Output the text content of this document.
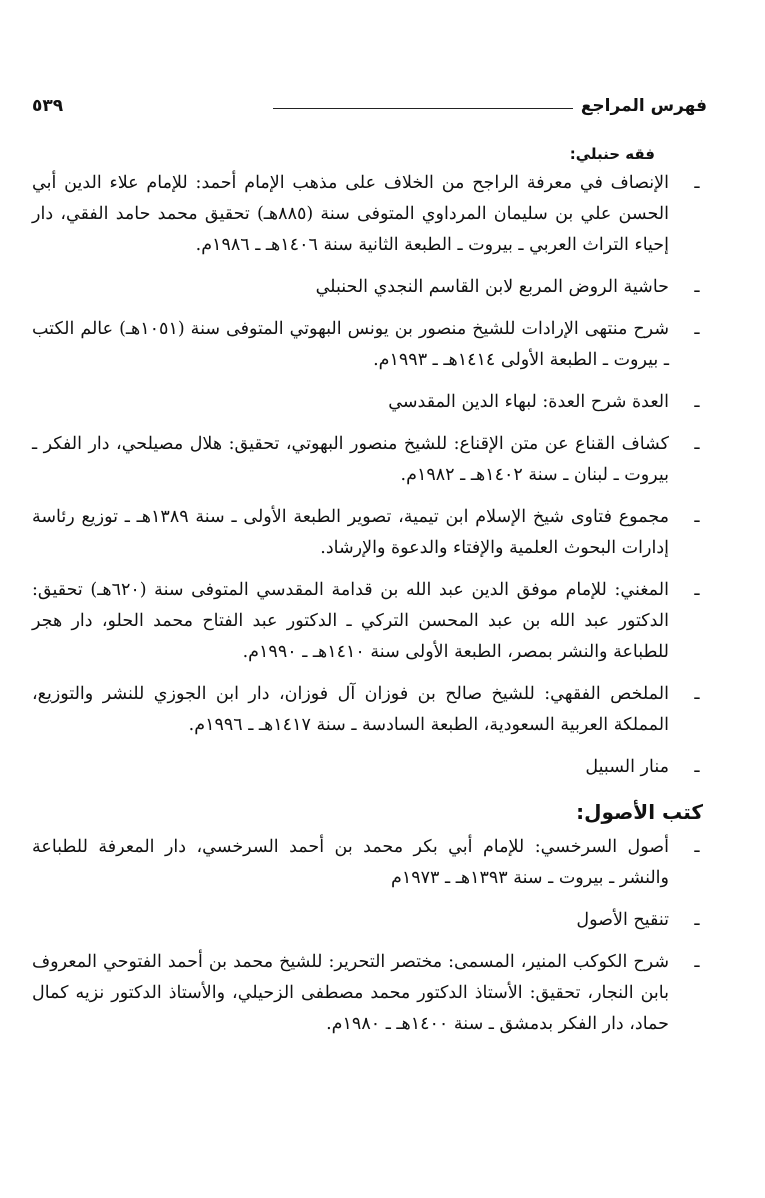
فهرس المراجع
٥٣٩
فقه حنبلي:
ـ
الإنصاف في معرفة الراجح من الخلاف على مذهب الإمام أحمد: للإمام علاء الدين أبي الحسن علي بن سليمان المرداوي المتوفى سنة (٨٨٥هـ) تحقيق محمد حامد الفقي، دار إحياء التراث العربي ـ بيروت ـ الطبعة الثانية سنة ١٤٠٦هـ ـ ١٩٨٦م.
ـ
حاشية الروض المربع لابن القاسم النجدي الحنبلي
ـ
شرح منتهى الإرادات للشيخ منصور بن يونس البهوتي المتوفى سنة (١٠٥١هـ) عالم الكتب ـ بيروت ـ الطبعة الأولى ١٤١٤هـ ـ ١٩٩٣م.
ـ
العدة شرح العدة: لبهاء الدين المقدسي
ـ
كشاف القناع عن متن الإقناع: للشيخ منصور البهوتي، تحقيق: هلال مصيلحي، دار الفكر ـ بيروت ـ لبنان ـ سنة ١٤٠٢هـ ـ ١٩٨٢م.
ـ
مجموع فتاوى شيخ الإسلام ابن تيمية، تصوير الطبعة الأولى ـ سنة ١٣٨٩هـ ـ توزيع رئاسة إدارات البحوث العلمية والإفتاء والدعوة والإرشاد.
ـ
المغني: للإمام موفق الدين عبد الله بن قدامة المقدسي المتوفى سنة (٦٢٠هـ) تحقيق: الدكتور عبد الله بن عبد المحسن التركي ـ الدكتور عبد الفتاح محمد الحلو، دار هجر للطباعة والنشر بمصر، الطبعة الأولى سنة ١٤١٠هـ ـ ١٩٩٠م.
ـ
الملخص الفقهي: للشيخ صالح بن فوزان آل فوزان، دار ابن الجوزي للنشر والتوزيع، المملكة العربية السعودية، الطبعة السادسة ـ سنة ١٤١٧هـ ـ ١٩٩٦م.
ـ
منار السبيل
كتب الأصول:
ـ
أصول السرخسي: للإمام أبي بكر محمد بن أحمد السرخسي، دار المعرفة للطباعة والنشر ـ بيروت ـ سنة ١٣٩٣هـ ـ ١٩٧٣م
ـ
تنقيح الأصول
ـ
شرح الكوكب المنير، المسمى: مختصر التحرير: للشيخ محمد بن أحمد الفتوحي المعروف بابن النجار، تحقيق: الأستاذ الدكتور محمد مصطفى الزحيلي، والأستاذ الدكتور نزيه كمال حماد، دار الفكر بدمشق ـ سنة ١٤٠٠هـ ـ ١٩٨٠م.
